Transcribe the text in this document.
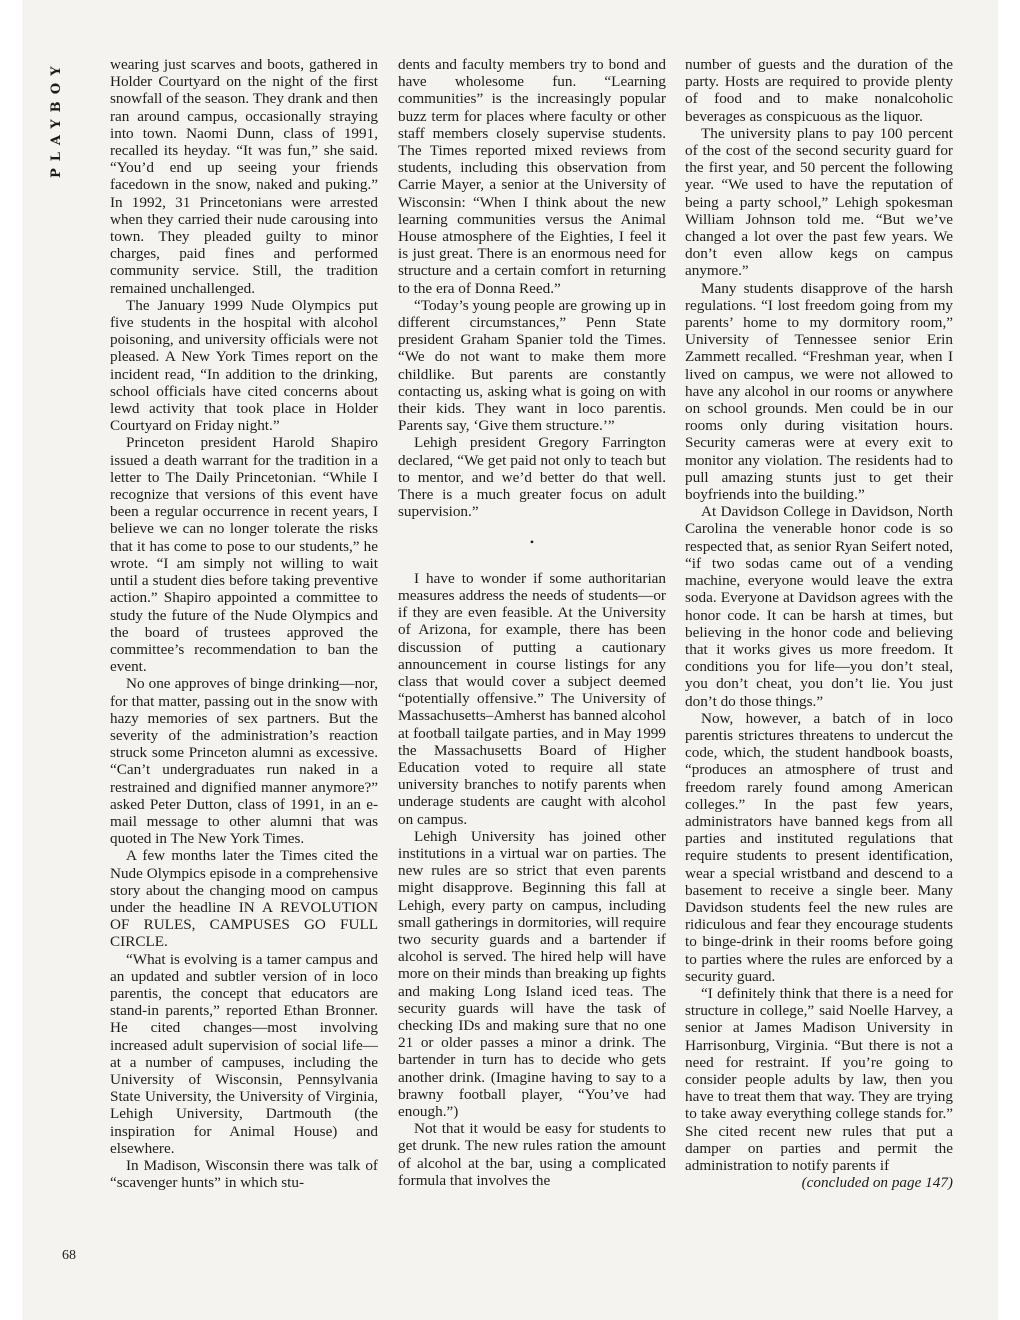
PLAYBOY
68

wearing just scarves and boots, gathered in Holder Courtyard on the night of the first snowfall of the season. They drank and then ran around campus, occasionally straying into town. Naomi Dunn, class of 1991, recalled its heyday. “It was fun,” she said. “You’d end up seeing your friends facedown in the snow, naked and puking.” In 1992, 31 Princetonians were arrested when they carried their nude carousing into town. They pleaded guilty to minor charges, paid fines and performed community service. Still, the tradition remained unchallenged.

The January 1999 Nude Olympics put five students in the hospital with alcohol poisoning, and university officials were not pleased. A New York Times report on the incident read, “In addition to the drinking, school officials have cited concerns about lewd activity that took place in Holder Courtyard on Friday night.”

Princeton president Harold Shapiro issued a death warrant for the tradition in a letter to The Daily Princetonian. “While I recognize that versions of this event have been a regular occurrence in recent years, I believe we can no longer tolerate the risks that it has come to pose to our students,” he wrote. “I am simply not willing to wait until a student dies before taking preventive action.” Shapiro appointed a committee to study the future of the Nude Olympics and the board of trustees approved the committee’s recommendation to ban the event.

No one approves of binge drinking—nor, for that matter, passing out in the snow with hazy memories of sex partners. But the severity of the administration’s reaction struck some Princeton alumni as excessive. “Can’t undergraduates run naked in a restrained and dignified manner anymore?” asked Peter Dutton, class of 1991, in an e-mail message to other alumni that was quoted in The New York Times.

A few months later the Times cited the Nude Olympics episode in a comprehensive story about the changing mood on campus under the headline IN A REVOLUTION OF RULES, CAMPUSES GO FULL CIRCLE.

“What is evolving is a tamer campus and an updated and subtler version of in loco parentis, the concept that educators are stand-in parents,” reported Ethan Bronner. He cited changes—most involving increased adult supervision of social life—at a number of campuses, including the University of Wisconsin, Pennsylvania State University, the University of Virginia, Lehigh University, Dartmouth (the inspiration for Animal House) and elsewhere.

In Madison, Wisconsin there was talk of “scavenger hunts” in which stu-

dents and faculty members try to bond and have wholesome fun. “Learning communities” is the increasingly popular buzz term for places where faculty or other staff members closely supervise students. The Times reported mixed reviews from students, including this observation from Carrie Mayer, a senior at the University of Wisconsin: “When I think about the new learning communities versus the Animal House atmosphere of the Eighties, I feel it is just great. There is an enormous need for structure and a certain comfort in returning to the era of Donna Reed.”

“Today’s young people are growing up in different circumstances,” Penn State president Graham Spanier told the Times. “We do not want to make them more childlike. But parents are constantly contacting us, asking what is going on with their kids. They want in loco parentis. Parents say, ‘Give them structure.’”

Lehigh president Gregory Farrington declared, “We get paid not only to teach but to mentor, and we’d better do that well. There is a much greater focus on adult supervision.”

•

I have to wonder if some authoritarian measures address the needs of students—or if they are even feasible. At the University of Arizona, for example, there has been discussion of putting a cautionary announcement in course listings for any class that would cover a subject deemed “potentially offensive.” The University of Massachusetts–Amherst has banned alcohol at football tailgate parties, and in May 1999 the Massachusetts Board of Higher Education voted to require all state university branches to notify parents when underage students are caught with alcohol on campus.

Lehigh University has joined other institutions in a virtual war on parties. The new rules are so strict that even parents might disapprove. Beginning this fall at Lehigh, every party on campus, including small gatherings in dormitories, will require two security guards and a bartender if alcohol is served. The hired help will have more on their minds than breaking up fights and making Long Island iced teas. The security guards will have the task of checking IDs and making sure that no one 21 or older passes a minor a drink. The bartender in turn has to decide who gets another drink. (Imagine having to say to a brawny football player, “You’ve had enough.”)

Not that it would be easy for students to get drunk. The new rules ration the amount of alcohol at the bar, using a complicated formula that involves the

number of guests and the duration of the party. Hosts are required to provide plenty of food and to make nonalcoholic beverages as conspicuous as the liquor.

The university plans to pay 100 percent of the cost of the second security guard for the first year, and 50 percent the following year. “We used to have the reputation of being a party school,” Lehigh spokesman William Johnson told me. “But we’ve changed a lot over the past few years. We don’t even allow kegs on campus anymore.”

Many students disapprove of the harsh regulations. “I lost freedom going from my parents’ home to my dormitory room,” University of Tennessee senior Erin Zammett recalled. “Freshman year, when I lived on campus, we were not allowed to have any alcohol in our rooms or anywhere on school grounds. Men could be in our rooms only during visitation hours. Security cameras were at every exit to monitor any violation. The residents had to pull amazing stunts just to get their boyfriends into the building.”

At Davidson College in Davidson, North Carolina the venerable honor code is so respected that, as senior Ryan Seifert noted, “if two sodas came out of a vending machine, everyone would leave the extra soda. Everyone at Davidson agrees with the honor code. It can be harsh at times, but believing in the honor code and believing that it works gives us more freedom. It conditions you for life—you don’t steal, you don’t cheat, you don’t lie. You just don’t do those things.”

Now, however, a batch of in loco parentis strictures threatens to undercut the code, which, the student handbook boasts, “produces an atmosphere of trust and freedom rarely found among American colleges.” In the past few years, administrators have banned kegs from all parties and instituted regulations that require students to present identification, wear a special wristband and descend to a basement to receive a single beer. Many Davidson students feel the new rules are ridiculous and fear they encourage students to binge-drink in their rooms before going to parties where the rules are enforced by a security guard.

“I definitely think that there is a need for structure in college,” said Noelle Harvey, a senior at James Madison University in Harrisonburg, Virginia. “But there is not a need for restraint. If you’re going to consider people adults by law, then you have to treat them that way. They are trying to take away everything college stands for.” She cited recent new rules that put a damper on parties and permit the administration to notify parents if

(concluded on page 147)
